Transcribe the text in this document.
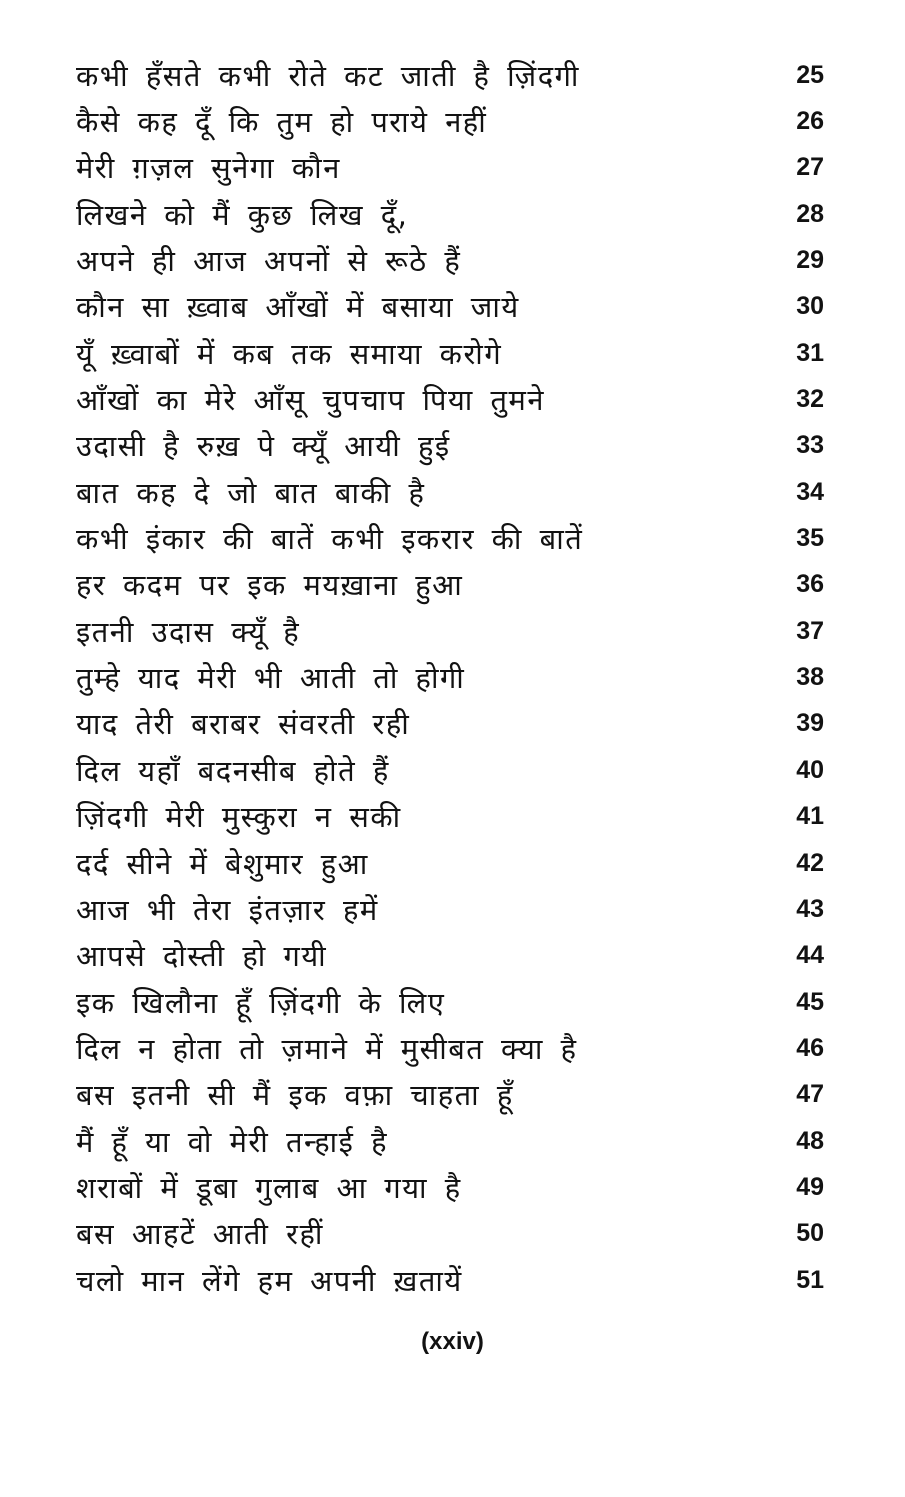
कभी हँसते कभी रोते कट जाती है ज़िंदगी	25
कैसे कह दूँ कि तुम हो पराये नहीं	26
मेरी ग़ज़ल सुनेगा कौन	27
लिखने को मैं कुछ लिख दूँ,	28
अपने ही आज अपनों से रूठे हैं	29
कौन सा ख़्वाब आँखों में बसाया जाये	30
यूँ ख़्वाबों में कब तक समाया करोगे	31
आँखों का मेरे आँसू चुपचाप पिया तुमने	32
उदासी है रुख़ पे क्यूँ आयी हुई	33
बात कह दे जो बात बाकी है	34
कभी इंकार की बातें कभी इकरार की बातें	35
हर कदम पर इक मयख़ाना हुआ	36
इतनी उदास क्यूँ है	37
तुम्हे याद मेरी भी आती तो होगी	38
याद तेरी बराबर संवरती रही	39
दिल यहाँ बदनसीब होते हैं	40
ज़िंदगी मेरी मुस्कुरा न सकी	41
दर्द सीने में बेशुमार हुआ	42
आज भी तेरा इंतज़ार हमें	43
आपसे दोस्ती हो गयी	44
इक खिलौना हूँ ज़िंदगी के लिए	45
दिल न होता तो ज़माने में मुसीबत क्या है	46
बस इतनी सी मैं इक वफ़ा चाहता हूँ	47
मैं हूँ या वो मेरी तन्हाई है	48
शराबों में डूबा गुलाब आ गया है	49
बस आहटें आती रहीं	50
चलो मान लेंगे हम अपनी ख़तायें	51
(xxiv)
